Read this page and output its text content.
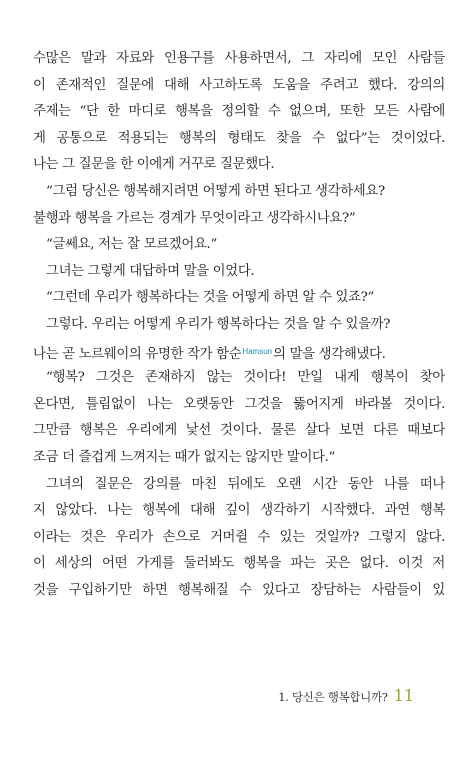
수많은 말과 자료와 인용구를 사용하면서, 그 자리에 모인 사람들
이 존재적인 질문에 대해 사고하도록 도움을 주려고 했다. 강의의
주제는 “단 한 마디로 행복을 정의할 수 없으며, 또한 모든 사람에
게 공통으로 적용되는 행복의 형태도 찾을 수 없다”는 것이었다.
나는 그 질문을 한 이에게 거꾸로 질문했다.
“그럼 당신은 행복해지려면 어떻게 하면 된다고 생각하세요?
불행과 행복을 가르는 경계가 무엇이라고 생각하시나요?”
“글쎄요, 저는 잘 모르겠어요.”
그녀는 그렇게 대답하며 말을 이었다.
“그런데 우리가 행복하다는 것을 어떻게 하면 알 수 있죠?”
그렇다. 우리는 어떻게 우리가 행복하다는 것을 알 수 있을까?
나는 곧 노르웨이의 유명한 작가 함순$^{Hamsun}$의 말을 생각해냈다.
“행복? 그것은 존재하지 않는 것이다! 만일 내게 행복이 찾아
온다면, 틀림없이 나는 오랫동안 그것을 뚫어지게 바라볼 것이다.
그만큼 행복은 우리에게 낯선 것이다. 물론 살다 보면 다른 때보다
조금 더 즐겁게 느껴지는 때가 없지는 않지만 말이다.”
그녀의 질문은 강의를 마친 뒤에도 오랜 시간 동안 나를 떠나
지 않았다. 나는 행복에 대해 깊이 생각하기 시작했다. 과연 행복
이라는 것은 우리가 손으로 거머쥘 수 있는 것일까? 그렇지 않다.
이 세상의 어떤 가게를 둘러봐도 행복을 파는 곳은 없다. 이것 저
것을 구입하기만 하면 행복해질 수 있다고 장담하는 사람들이 있
1. 당신은 행복합니까? 11
